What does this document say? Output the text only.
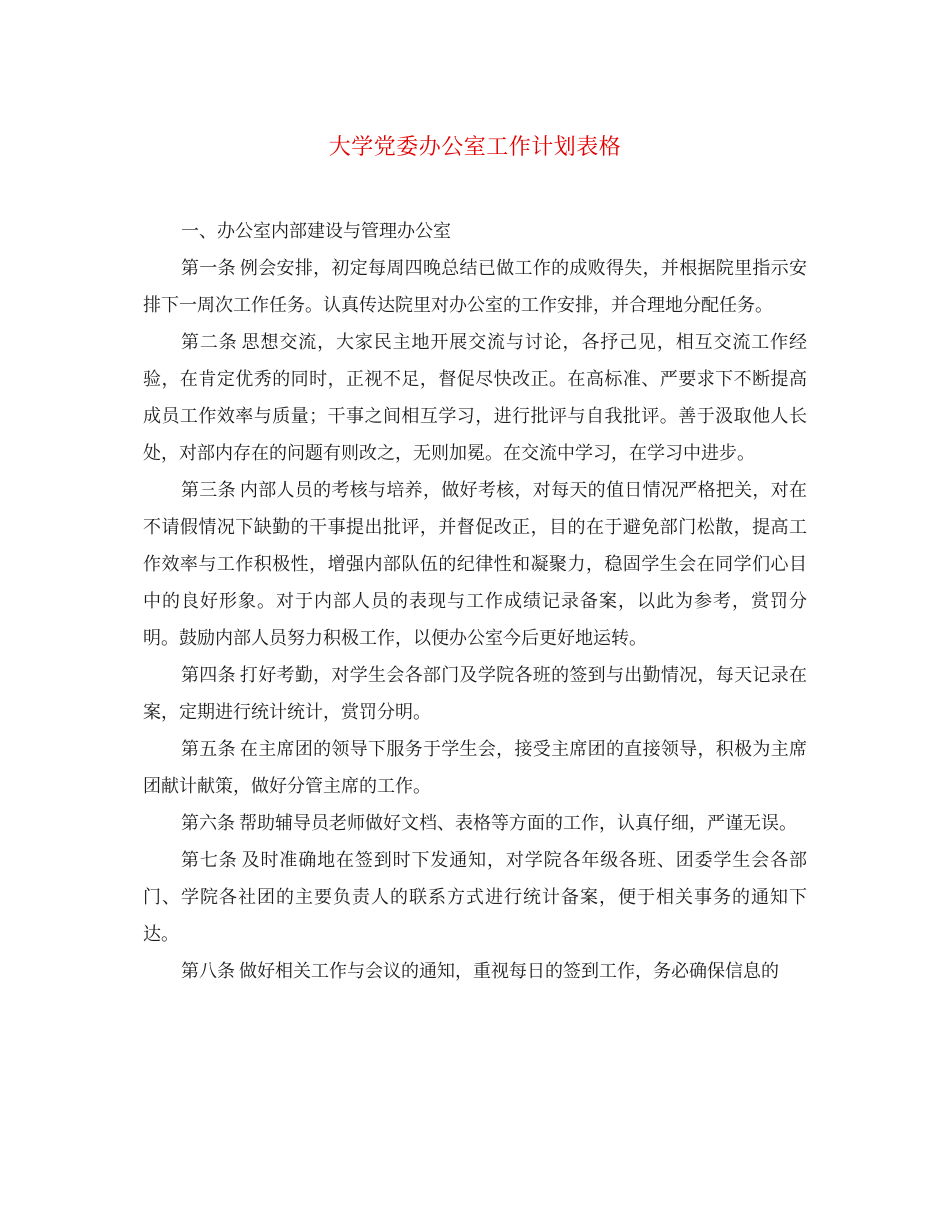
大学党委办公室工作计划表格

一、办公室内部建设与管理办公室

第一条 例会安排，初定每周四晚总结已做工作的成败得失，并根据院里指示安排下一周次工作任务。认真传达院里对办公室的工作安排，并合理地分配任务。

第二条 思想交流，大家民主地开展交流与讨论，各抒己见，相互交流工作经验，在肯定优秀的同时，正视不足，督促尽快改正。在高标准、严要求下不断提高成员工作效率与质量；干事之间相互学习，进行批评与自我批评。善于汲取他人长处，对部内存在的问题有则改之，无则加冕。在交流中学习，在学习中进步。

第三条 内部人员的考核与培养，做好考核，对每天的值日情况严格把关，对在不请假情况下缺勤的干事提出批评，并督促改正，目的在于避免部门松散，提高工作效率与工作积极性，增强内部队伍的纪律性和凝聚力，稳固学生会在同学们心目中的良好形象。对于内部人员的表现与工作成绩记录备案，以此为参考，赏罚分明。鼓励内部人员努力积极工作，以便办公室今后更好地运转。

第四条 打好考勤，对学生会各部门及学院各班的签到与出勤情况，每天记录在案，定期进行统计统计，赏罚分明。

第五条 在主席团的领导下服务于学生会，接受主席团的直接领导，积极为主席团献计献策，做好分管主席的工作。

第六条 帮助辅导员老师做好文档、表格等方面的工作，认真仔细，严谨无误。

第七条 及时准确地在签到时下发通知，对学院各年级各班、团委学生会各部门、学院各社团的主要负责人的联系方式进行统计备案，便于相关事务的通知下达。

第八条 做好相关工作与会议的通知，重视每日的签到工作，务必确保信息的
